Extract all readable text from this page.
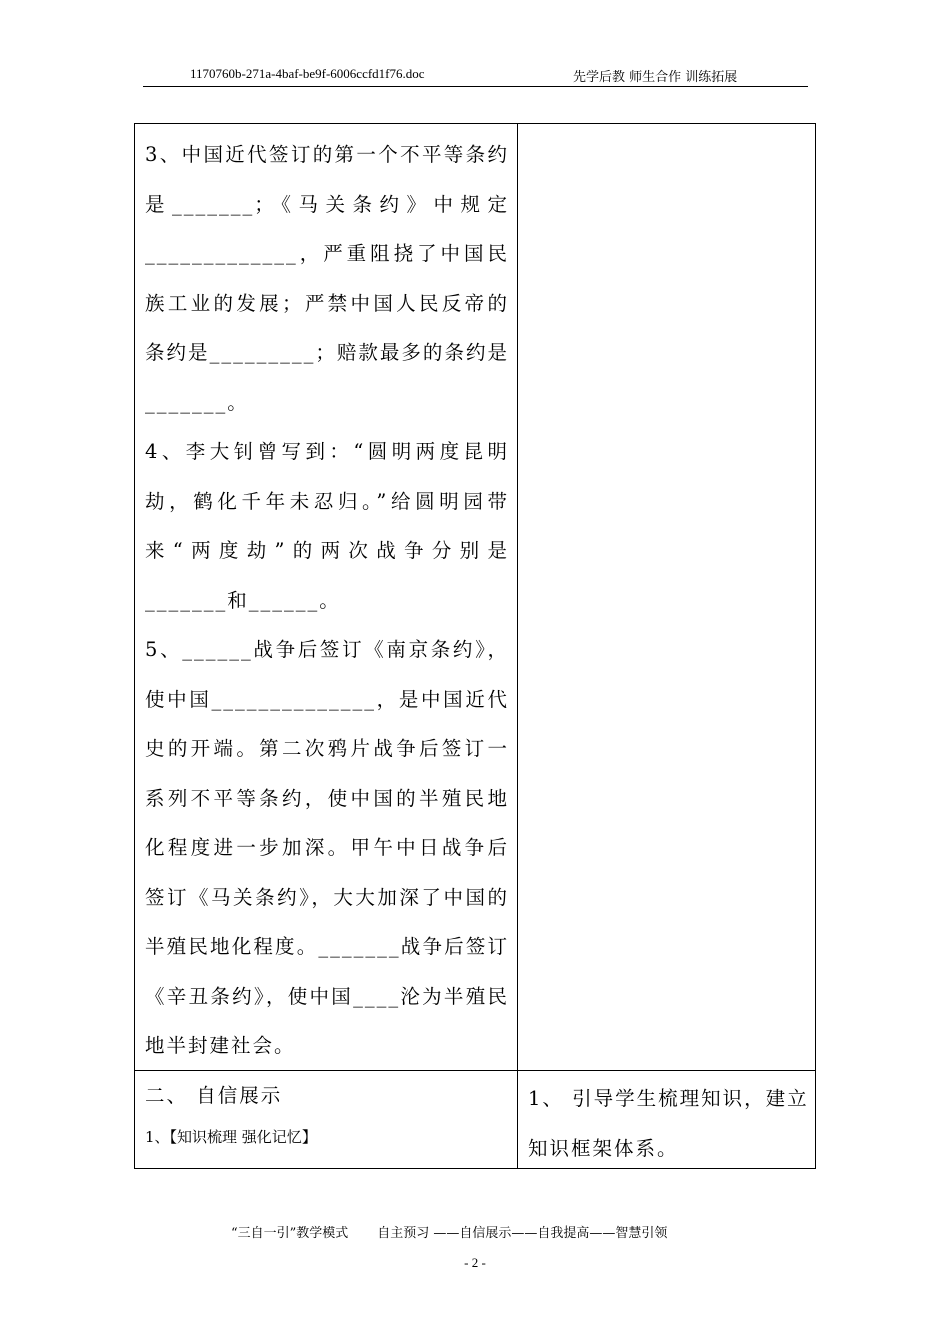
1170760b-271a-4baf-be9f-6006ccfd1f76.doc	先学后教 师生合作 训练拓展

3、中国近代签订的第一个不平等条约是_______；《马关条约》中规定_____________，严重阻挠了中国民族工业的发展；严禁中国人民反帝的条约是_________；赔款最多的条约是_______。

4、李大钊曾写到：“圆明两度昆明劫，鹤化千年未忍归。”给圆明园带来“两度劫”的两次战争分别是_______和______。

5、______战争后签订《南京条约》，使中国______________，是中国近代史的开端。第二次鸦片战争后签订一系列不平等条约，使中国的半殖民地化程度进一步加深。甲午中日战争后签订《马关条约》，大大加深了中国的半殖民地化程度。_______战争后签订《辛丑条约》，使中国____沦为半殖民地半封建社会。

二、 自信展示

1、【知识梳理 强化记忆】

1、 引导学生梳理知识，建立知识框架体系。

“三自一引”教学模式       自主预习 ——自信展示——自我提高——智慧引领
- 2 -
